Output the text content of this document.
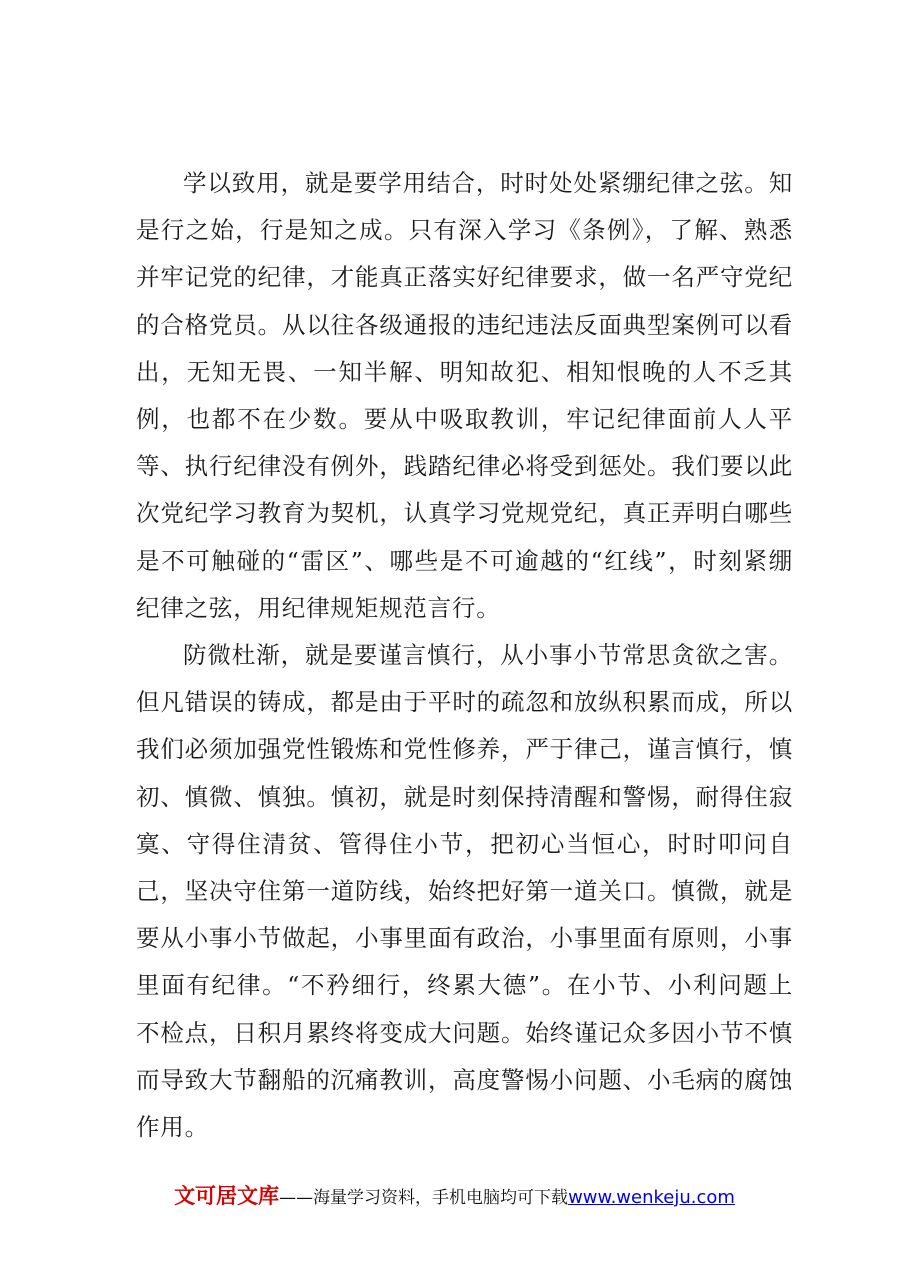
学以致用，就是要学用结合，时时处处紧绷纪律之弦。知是行之始，行是知之成。只有深入学习《条例》，了解、熟悉并牢记党的纪律，才能真正落实好纪律要求，做一名严守党纪的合格党员。从以往各级通报的违纪违法反面典型案例可以看出，无知无畏、一知半解、明知故犯、相知恨晚的人不乏其例，也都不在少数。要从中吸取教训，牢记纪律面前人人平等、执行纪律没有例外，践踏纪律必将受到惩处。我们要以此次党纪学习教育为契机，认真学习党规党纪，真正弄明白哪些是不可触碰的“雷区”、哪些是不可逾越的“红线”，时刻紧绷纪律之弦，用纪律规矩规范言行。

防微杜渐，就是要谨言慎行，从小事小节常思贪欲之害。但凡错误的铸成，都是由于平时的疏忽和放纵积累而成，所以我们必须加强党性锻炼和党性修养，严于律己，谨言慎行，慎初、慎微、慎独。慎初，就是时刻保持清醒和警惕，耐得住寂寞、守得住清贫、管得住小节，把初心当恒心，时时叩问自己，坚决守住第一道防线，始终把好第一道关口。慎微，就是要从小事小节做起，小事里面有政治，小事里面有原则，小事里面有纪律。“不矜细行，终累大德”。在小节、小利问题上不检点，日积月累终将变成大问题。始终谨记众多因小节不慎而导致大节翻船的沉痛教训，高度警惕小问题、小毛病的腐蚀作用。

文可居文库——海量学习资料，手机电脑均可下载www.wenkeju.com
